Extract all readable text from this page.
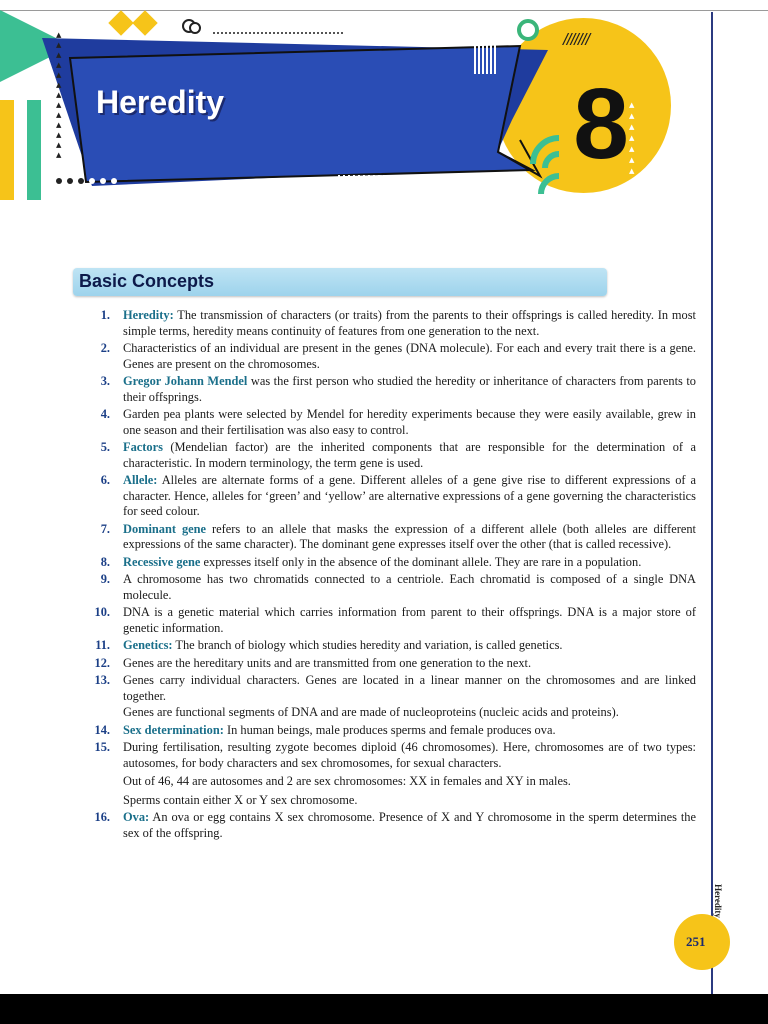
///////
▲
▲
▲
▲
▲
▲
▲
▲
▲
▲
▲
▲
▲
▲
▲
▲
▲
▲
▲
▲
Heredity	8
Basic Concepts
1. Heredity: The transmission of characters (or traits) from the parents to their offsprings is called heredity. In most simple terms, heredity means continuity of features from one generation to the next.
2. Characteristics of an individual are present in the genes (DNA molecule). For each and every trait there is a gene. Genes are present on the chromosomes.
3. Gregor Johann Mendel was the first person who studied the heredity or inheritance of characters from parents to their offsprings.
4. Garden pea plants were selected by Mendel for heredity experiments because they were easily available, grew in one season and their fertilisation was also easy to control.
5. Factors (Mendelian factor) are the inherited components that are responsible for the determination of a characteristic. In modern terminology, the term gene is used.
6. Allele: Alleles are alternate forms of a gene. Different alleles of a gene give rise to different expressions of a character. Hence, alleles for ‘green’ and ‘yellow’ are alternative expressions of a gene governing the characteristics for seed colour.
7. Dominant gene refers to an allele that masks the expression of a different allele (both alleles are different expressions of the same character). The dominant gene expresses itself over the other (that is called recessive).
8. Recessive gene expresses itself only in the absence of the dominant allele. They are rare in a population.
9. A chromosome has two chromatids connected to a centriole. Each chromatid is composed of a single DNA molecule.
10. DNA is a genetic material which carries information from parent to their offsprings. DNA is a major store of genetic information.
11. Genetics: The branch of biology which studies heredity and variation, is called genetics.
12. Genes are the hereditary units and are transmitted from one generation to the next.
13. Genes carry individual characters. Genes are located in a linear manner on the chromosomes and are linked together.
Genes are functional segments of DNA and are made of nucleoproteins (nucleic acids and proteins).
14. Sex determination: In human beings, male produces sperms and female produces ova.
15. During fertilisation, resulting zygote becomes diploid (46 chromosomes). Here, chromosomes are of two types: autosomes, for body characters and sex chromosomes, for sexual characters.
Out of 46, 44 are autosomes and 2 are sex chromosomes: XX in females and XY in males.
Sperms contain either X or Y sex chromosome.
16. Ova: An ova or egg contains X sex chromosome. Presence of X and Y chromosome in the sperm determines the sex of the offspring.
Heredity
251
